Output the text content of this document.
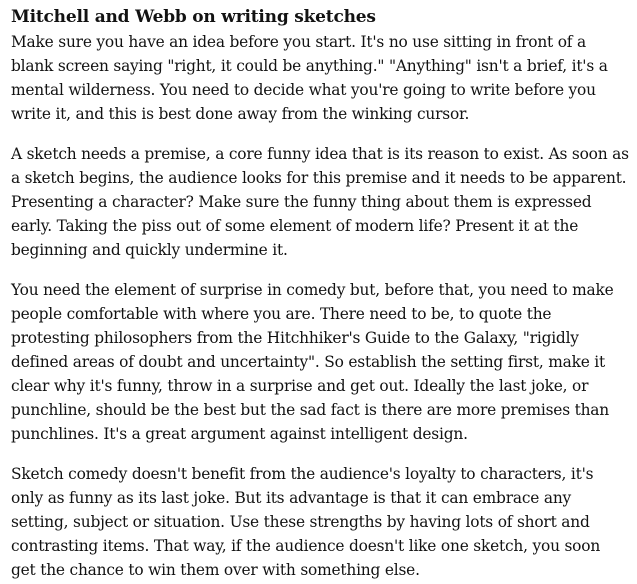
Mitchell and Webb on writing sketches

Make sure you have an idea before you start. It's no use sitting in front of a blank screen saying "right, it could be anything." "Anything" isn't a brief, it's a mental wilderness. You need to decide what you're going to write before you write it, and this is best done away from the winking cursor.

A sketch needs a premise, a core funny idea that is its reason to exist. As soon as a sketch begins, the audience looks for this premise and it needs to be apparent. Presenting a character? Make sure the funny thing about them is expressed early. Taking the piss out of some element of modern life? Present it at the beginning and quickly undermine it.

You need the element of surprise in comedy but, before that, you need to make people comfortable with where you are. There need to be, to quote the protesting philosophers from the Hitchhiker's Guide to the Galaxy, "rigidly defined areas of doubt and uncertainty". So establish the setting first, make it clear why it's funny, throw in a surprise and get out. Ideally the last joke, or punchline, should be the best but the sad fact is there are more premises than punchlines. It's a great argument against intelligent design.

Sketch comedy doesn't benefit from the audience's loyalty to characters, it's only as funny as its last joke. But its advantage is that it can embrace any setting, subject or situation. Use these strengths by having lots of short and contrasting items. That way, if the audience doesn't like one sketch, you soon get the chance to win them over with something else.
